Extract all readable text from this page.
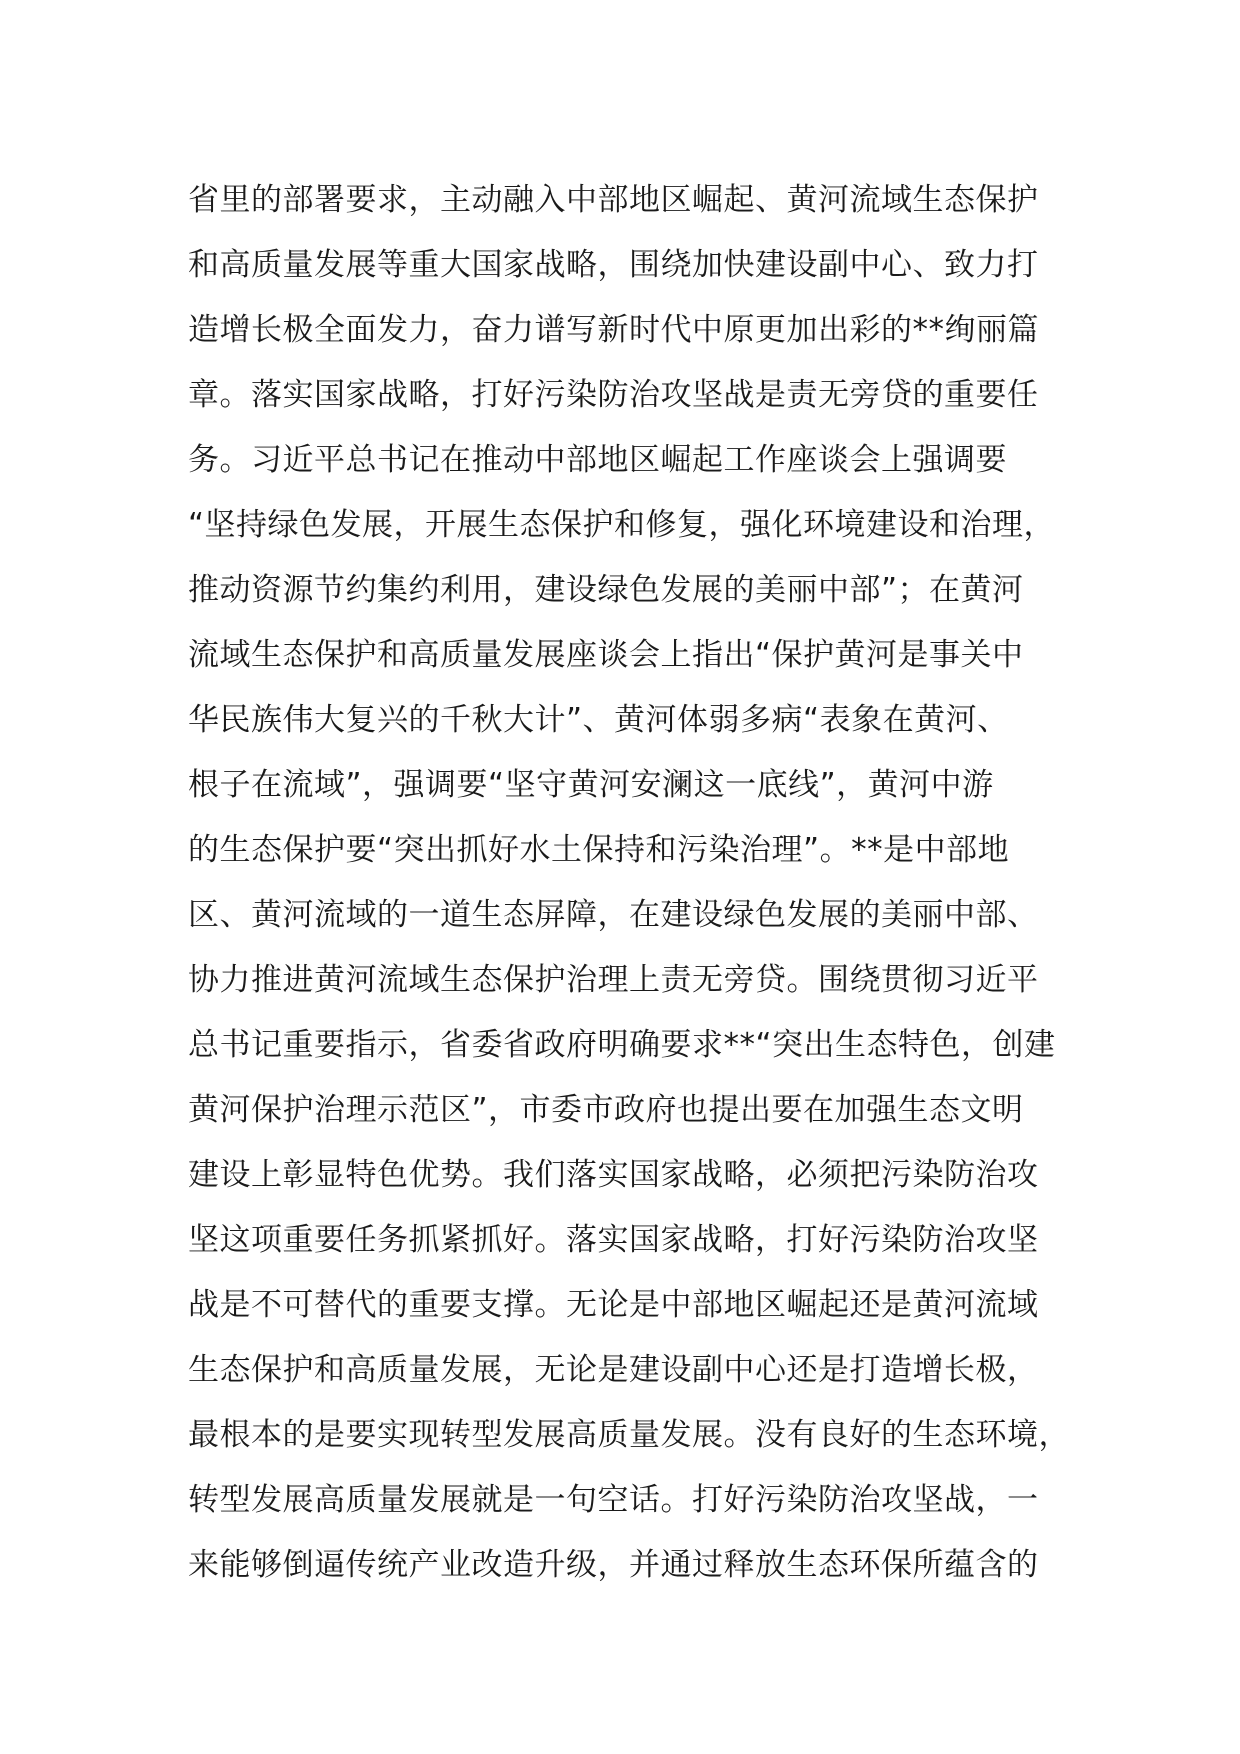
省里的部署要求，主动融入中部地区崛起、黄河流域生态保护
和高质量发展等重大国家战略，围绕加快建设副中心、致力打
造增长极全面发力，奋力谱写新时代中原更加出彩的**绚丽篇
章。落实国家战略，打好污染防治攻坚战是责无旁贷的重要任
务。习近平总书记在推动中部地区崛起工作座谈会上强调要
“坚持绿色发展，开展生态保护和修复，强化环境建设和治理，
推动资源节约集约利用，建设绿色发展的美丽中部”；在黄河
流域生态保护和高质量发展座谈会上指出“保护黄河是事关中
华民族伟大复兴的千秋大计”、黄河体弱多病“表象在黄河、
根子在流域”，强调要“坚守黄河安澜这一底线”，黄河中游
的生态保护要“突出抓好水土保持和污染治理”。**是中部地
区、黄河流域的一道生态屏障，在建设绿色发展的美丽中部、
协力推进黄河流域生态保护治理上责无旁贷。围绕贯彻习近平
总书记重要指示，省委省政府明确要求**“突出生态特色，创建
黄河保护治理示范区”，市委市政府也提出要在加强生态文明
建设上彰显特色优势。我们落实国家战略，必须把污染防治攻
坚这项重要任务抓紧抓好。落实国家战略，打好污染防治攻坚
战是不可替代的重要支撑。无论是中部地区崛起还是黄河流域
生态保护和高质量发展，无论是建设副中心还是打造增长极，
最根本的是要实现转型发展高质量发展。没有良好的生态环境，
转型发展高质量发展就是一句空话。打好污染防治攻坚战，一
来能够倒逼传统产业改造升级，并通过释放生态环保所蕴含的
